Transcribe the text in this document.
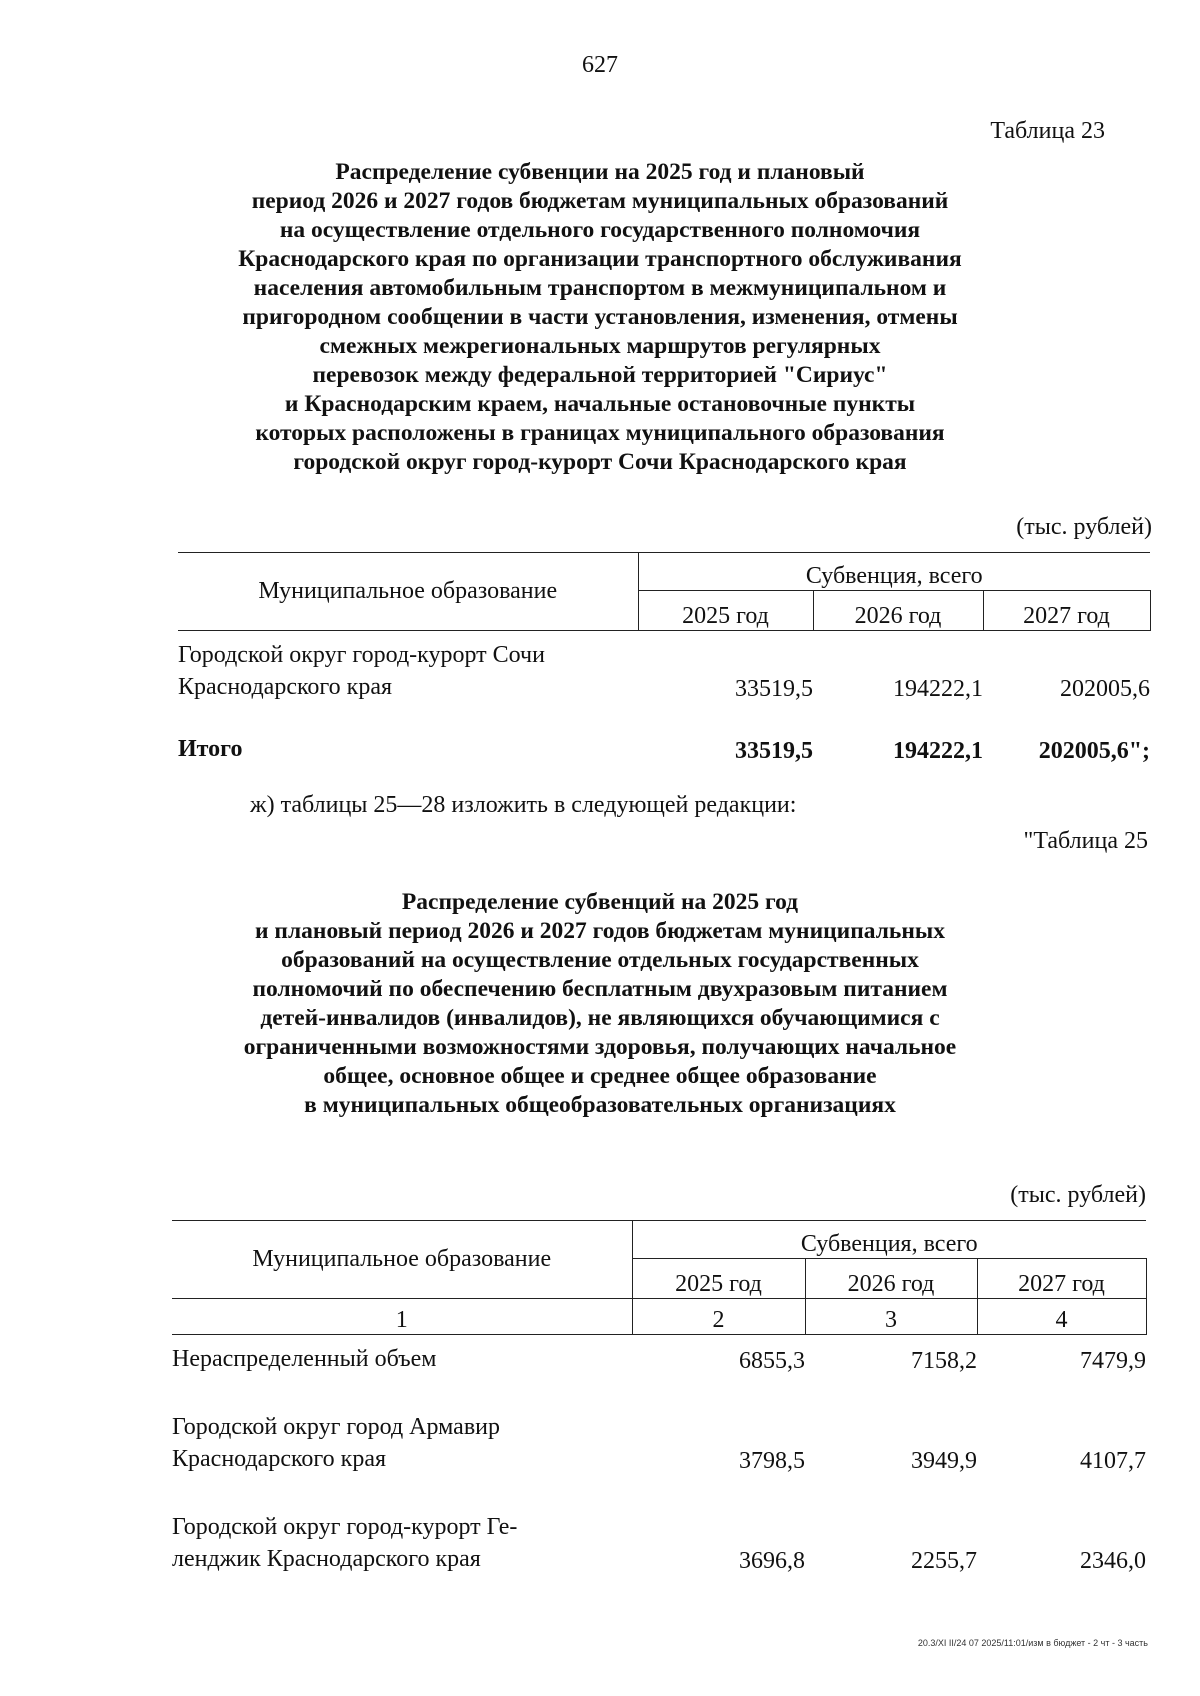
627
Таблица 23
Распределение субвенции на 2025 год и плановый
период 2026 и 2027 годов бюджетам муниципальных образований
на осуществление отдельного государственного полномочия
Краснодарского края по организации транспортного обслуживания
населения автомобильным транспортом в межмуниципальном и
пригородном сообщении в части установления, изменения, отмены
смежных межрегиональных маршрутов регулярных
перевозок между федеральной территорией "Сириус"
и Краснодарским краем, начальные остановочные пункты
которых расположены в границах муниципального образования
городской округ город-курорт Сочи Краснодарского края
(тыс. рублей)
Муниципальное образование	Субвенция, всего		
	2025 год	2026 год	2027 год

Городской округ город-курорт Сочи
Краснодарского края	33519,5	194222,1	202005,6
Итого	33519,5	194222,1	202005,6";
ж) таблицы 25—28 изложить в следующей редакции:
"Таблица 25
Распределение субвенций на 2025 год
и плановый период 2026 и 2027 годов бюджетам муниципальных
образований на осуществление отдельных государственных
полномочий по обеспечению бесплатным двухразовым питанием
детей-инвалидов (инвалидов), не являющихся обучающимися с
ограниченными возможностями здоровья, получающих начальное
общее, основное общее и среднее общее образование
в муниципальных общеобразовательных организациях
(тыс. рублей)
Муниципальное образование	Субвенция, всего		
	2025 год	2026 год	2027 год
1	2	3	4

Нераспределенный объем	6855,3	7158,2	7479,9

Городской округ город Армавир
Краснодарского края	3798,5	3949,9	4107,7

Городской округ город-курорт Ге-
ленджик Краснодарского края	3696,8	2255,7	2346,0
20.3/XI II/24 07 2025/11:01/изм в бюджет - 2 чт - 3 часть
